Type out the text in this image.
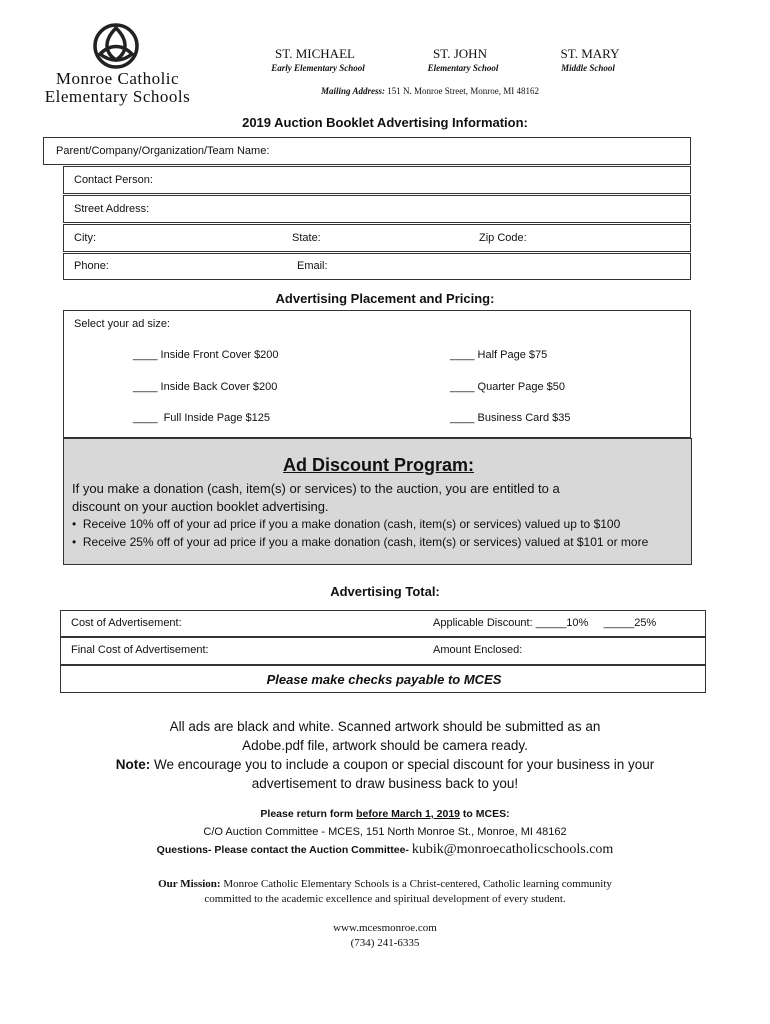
Monroe Catholic
Elementary Schools
ST. MICHAEL	ST. JOHN	ST. MARY
Early Elementary School	Elementary School	Middle School
Mailing Address: 151 N. Monroe Street, Monroe, MI 48162
2019 Auction Booklet Advertising Information:
Parent/Company/Organization/Team Name:
Contact Person:
Street Address:
City:	State:	Zip Code:
Phone:	Email:
Advertising Placement and Pricing:
Select your ad size:
____ Inside Front Cover $200
____ Inside Back Cover $200
____  Full Inside Page $125
____ Half Page $75
____ Quarter Page $50
____ Business Card $35
Ad Discount Program:
If you make a donation (cash, item(s) or services) to the auction, you are entitled to a
discount on your auction booklet advertising.
•  Receive 10% off of your ad price if you a make donation (cash, item(s) or services) valued up to $100
•  Receive 25% off of your ad price if you a make donation (cash, item(s) or services) valued at $101 or more
Advertising Total:
Cost of Advertisement:	Applicable Discount: _____10%     _____25%
Final Cost of Advertisement:	Amount Enclosed:
Please make checks payable to MCES
All ads are black and white. Scanned artwork should be submitted as an
Adobe.pdf file, artwork should be camera ready.
Note: We encourage you to include a coupon or special discount for your business in your
advertisement to draw business back to you!
Please return form before March 1, 2019 to MCES:
C/O Auction Committee - MCES, 151 North Monroe St., Monroe, MI 48162
Questions- Please contact the Auction Committee- kubik@monroecatholicschools.com
Our Mission: Monroe Catholic Elementary Schools is a Christ-centered, Catholic learning community
committed to the academic excellence and spiritual development of every student.
www.mcesmonroe.com
(734) 241-6335
